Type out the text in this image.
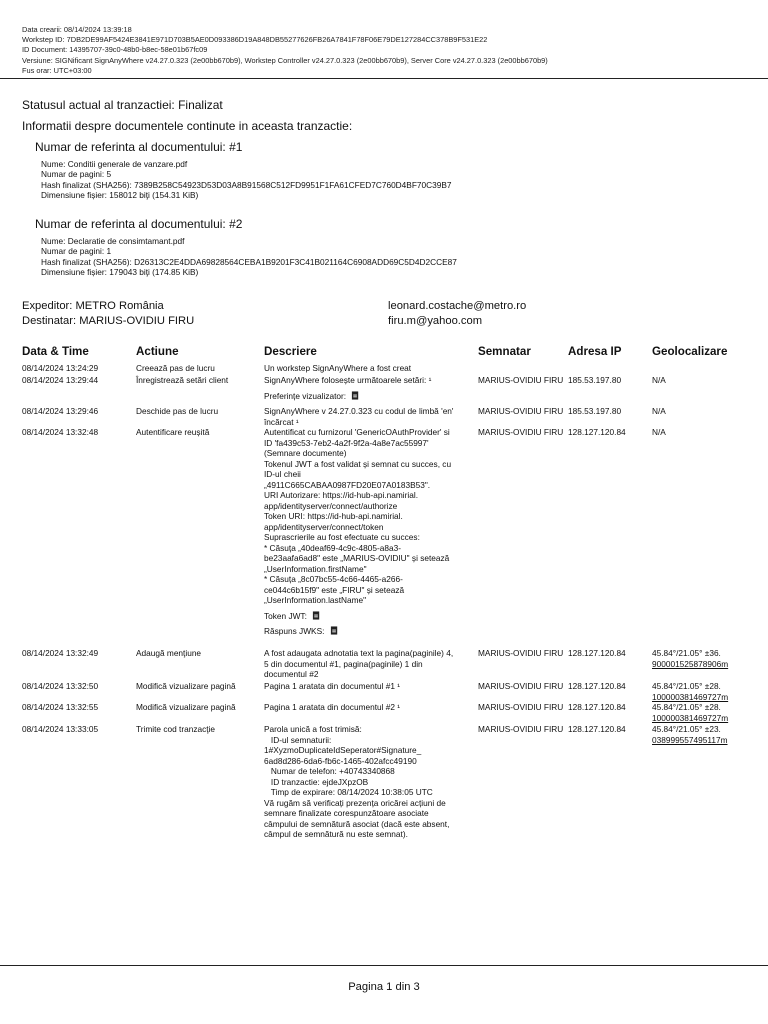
Data crearii: 08/14/2024 13:39:18
Workstep ID: 7DB2DE99AF5424E3841E971D703B5AE0D093386D19A848DB55277626FB26A7841F78F06E79DE127284CC378B9F531E22
ID Document: 14395707-39c0-48b0-b8ec-58e01b67fc09
Versiune: SIGNificant SignAnyWhere v24.27.0.323 (2e00bb670b9), Workstep Controller v24.27.0.323 (2e00bb670b9), Server Core v24.27.0.323 (2e00bb670b9)
Fus orar: UTC+03:00
Statusul actual al tranzactiei: Finalizat
Informatii despre documentele continute in aceasta tranzactie:
Numar de referinta al documentului: #1
Nume: Conditii generale de vanzare.pdf
Numar de pagini: 5
Hash finalizat (SHA256): 7389B258C54923D53D03A8B91568C512FD9951F1FA61CFED7C760D4BF70C39B7
Dimensiune fișier: 158012 biţi (154.31 KiB)
Numar de referinta al documentului: #2
Nume: Declaratie de consimtamant.pdf
Numar de pagini: 1
Hash finalizat (SHA256): D26313C2E4DDA69828564CEBA1B9201F3C41B021164C6908ADD69C5D4D2CCE87
Dimensiune fișier: 179043 biţi (174.85 KiB)
Expeditor: METRO România
Destinatar: MARIUS-OVIDIU FIRU
leonard.costache@metro.ro
firu.m@yahoo.com
Data & Time	Actiune	Descriere	Semnatar	Adresa IP	Geolocalizare
08/14/2024 13:24:29	Creează pas de lucru	Un workstep SignAnyWhere a fost creat
08/14/2024 13:29:44	Înregistrează setări client	SignAnyWhere folosește următoarele setări: ¹
Preferințe vizualizator:
MARIUS-OVIDIU FIRU 185.53.197.80	N/A
08/14/2024 13:29:46	Deschide pas de lucru	SignAnyWhere v 24.27.0.323 cu codul de limbă 'en'
încărcat ¹
MARIUS-OVIDIU FIRU 185.53.197.80	N/A
08/14/2024 13:32:48	Autentificare reușită	Autentificat cu furnizorul 'GenericOAuthProvider' si
ID 'fa439c53-7eb2-4a2f-9f2a-4a8e7ac55997'
(Semnare documente)
Tokenul JWT a fost validat și semnat cu succes, cu
ID-ul cheii
„4911C665CABAA0987FD20E07A0183B53".
URI Autorizare: https://id-hub-api.namirial.
app/identityserver/connect/authorize
Token URI: https://id-hub-api.namirial.
app/identityserver/connect/token
Suprascrierile au fost efectuate cu succes:
* Căsuța „40deaf69-4c9c-4805-a8a3-
be23aafa6ad8" este „MARIUS-OVIDIU" și setează
„UserInformation.firstName"
* Căsuța „8c07bc55-4c66-4465-a266-
ce044c6b15f9" este „FIRU" și setează
„UserInformation.lastName"
Token JWT:
Răspuns JWKS:
MARIUS-OVIDIU FIRU 128.127.120.84	N/A
08/14/2024 13:32:49	Adaugă menţiune	A fost adaugata adnotatia text la pagina(paginile) 4,
5 din documentul #1, pagina(paginile) 1 din
documentul #2
MARIUS-OVIDIU FIRU 128.127.120.84	45.84°/21.05° ±36.
900001525878906m
08/14/2024 13:32:50	Modifică vizualizare pagină	Pagina 1 aratata din documentul #1 ¹	MARIUS-OVIDIU FIRU 128.127.120.84	45.84°/21.05° ±28.
100000381469727m
08/14/2024 13:32:55	Modifică vizualizare pagină	Pagina 1 aratata din documentul #2 ¹	MARIUS-OVIDIU FIRU 128.127.120.84	45.84°/21.05° ±28.
100000381469727m
08/14/2024 13:33:05	Trimite cod tranzacţie	Parola unică a fost trimisă:
ID-ul semnaturii:
1#XyzmoDuplicateIdSeperator#Signature_
6ad8d286-6da6-fb6c-1465-402afcc49190
Numar de telefon: +40743340868
ID tranzactie: ejdeJXpzOB
Timp de expirare: 08/14/2024 10:38:05 UTC
Vă rugăm să verificați prezența oricărei acțiuni de
semnare finalizate corespunzătoare asociate
câmpului de semnătură asociat (dacă este absent,
câmpul de semnătură nu este semnat).
MARIUS-OVIDIU FIRU 128.127.120.84	45.84°/21.05° ±23.
038999557495117m
Pagina 1 din 3
